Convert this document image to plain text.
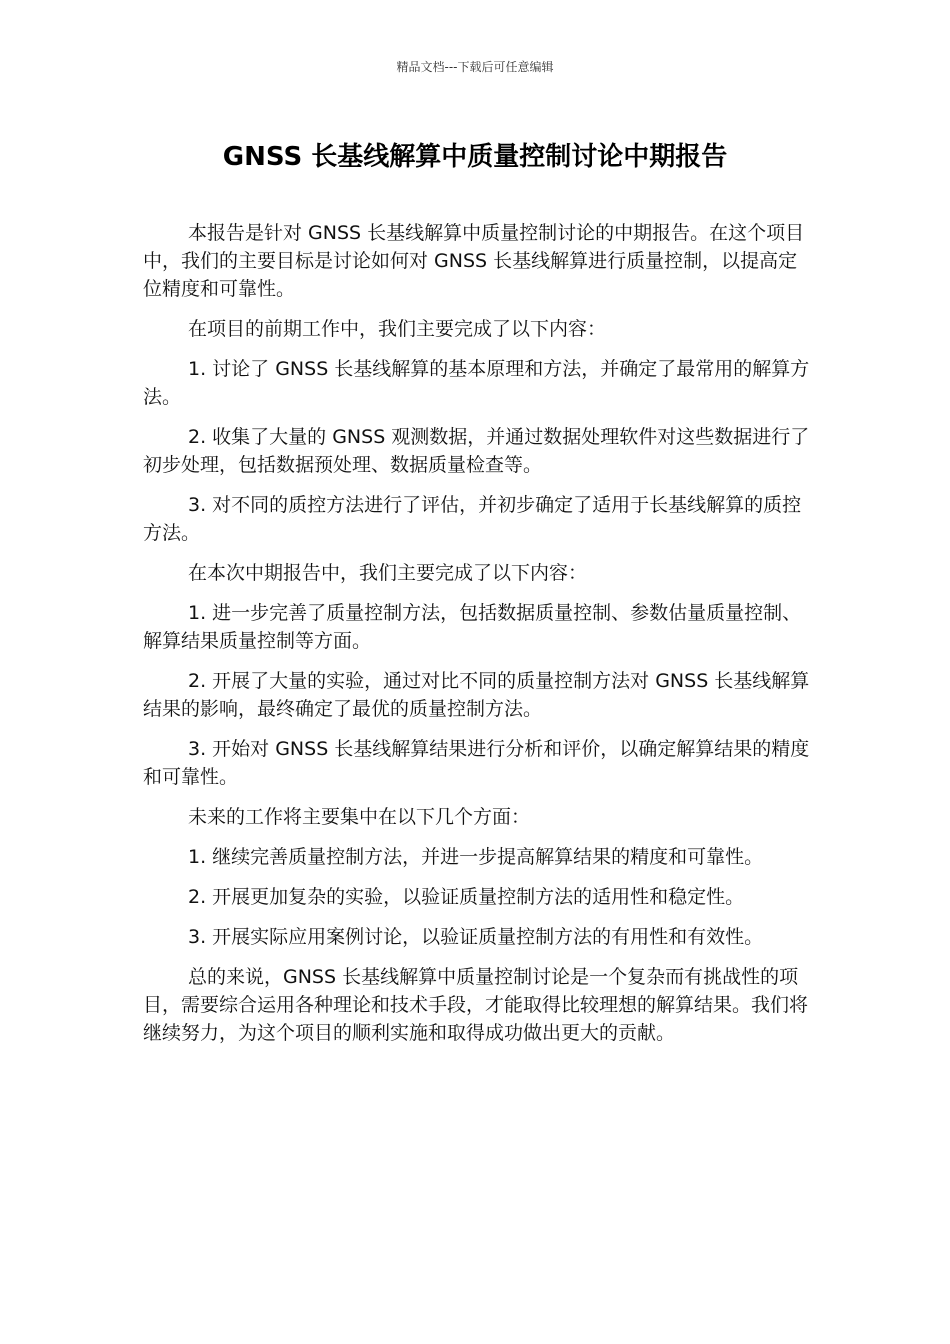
精品文档---下载后可任意编辑
GNSS 长基线解算中质量控制讨论中期报告

本报告是针对 GNSS 长基线解算中质量控制讨论的中期报告。在这个项目中，我们的主要目标是讨论如何对 GNSS 长基线解算进行质量控制，以提高定位精度和可靠性。

在项目的前期工作中，我们主要完成了以下内容：

1. 讨论了 GNSS 长基线解算的基本原理和方法，并确定了最常用的解算方法。

2. 收集了大量的 GNSS 观测数据，并通过数据处理软件对这些数据进行了初步处理，包括数据预处理、数据质量检查等。

3. 对不同的质控方法进行了评估，并初步确定了适用于长基线解算的质控方法。

在本次中期报告中，我们主要完成了以下内容：

1. 进一步完善了质量控制方法，包括数据质量控制、参数估量质量控制、解算结果质量控制等方面。

2. 开展了大量的实验，通过对比不同的质量控制方法对 GNSS 长基线解算结果的影响，最终确定了最优的质量控制方法。

3. 开始对 GNSS 长基线解算结果进行分析和评价，以确定解算结果的精度和可靠性。

未来的工作将主要集中在以下几个方面：

1. 继续完善质量控制方法，并进一步提高解算结果的精度和可靠性。

2. 开展更加复杂的实验，以验证质量控制方法的适用性和稳定性。

3. 开展实际应用案例讨论，以验证质量控制方法的有用性和有效性。

总的来说，GNSS 长基线解算中质量控制讨论是一个复杂而有挑战性的项目，需要综合运用各种理论和技术手段，才能取得比较理想的解算结果。我们将继续努力，为这个项目的顺利实施和取得成功做出更大的贡献。
